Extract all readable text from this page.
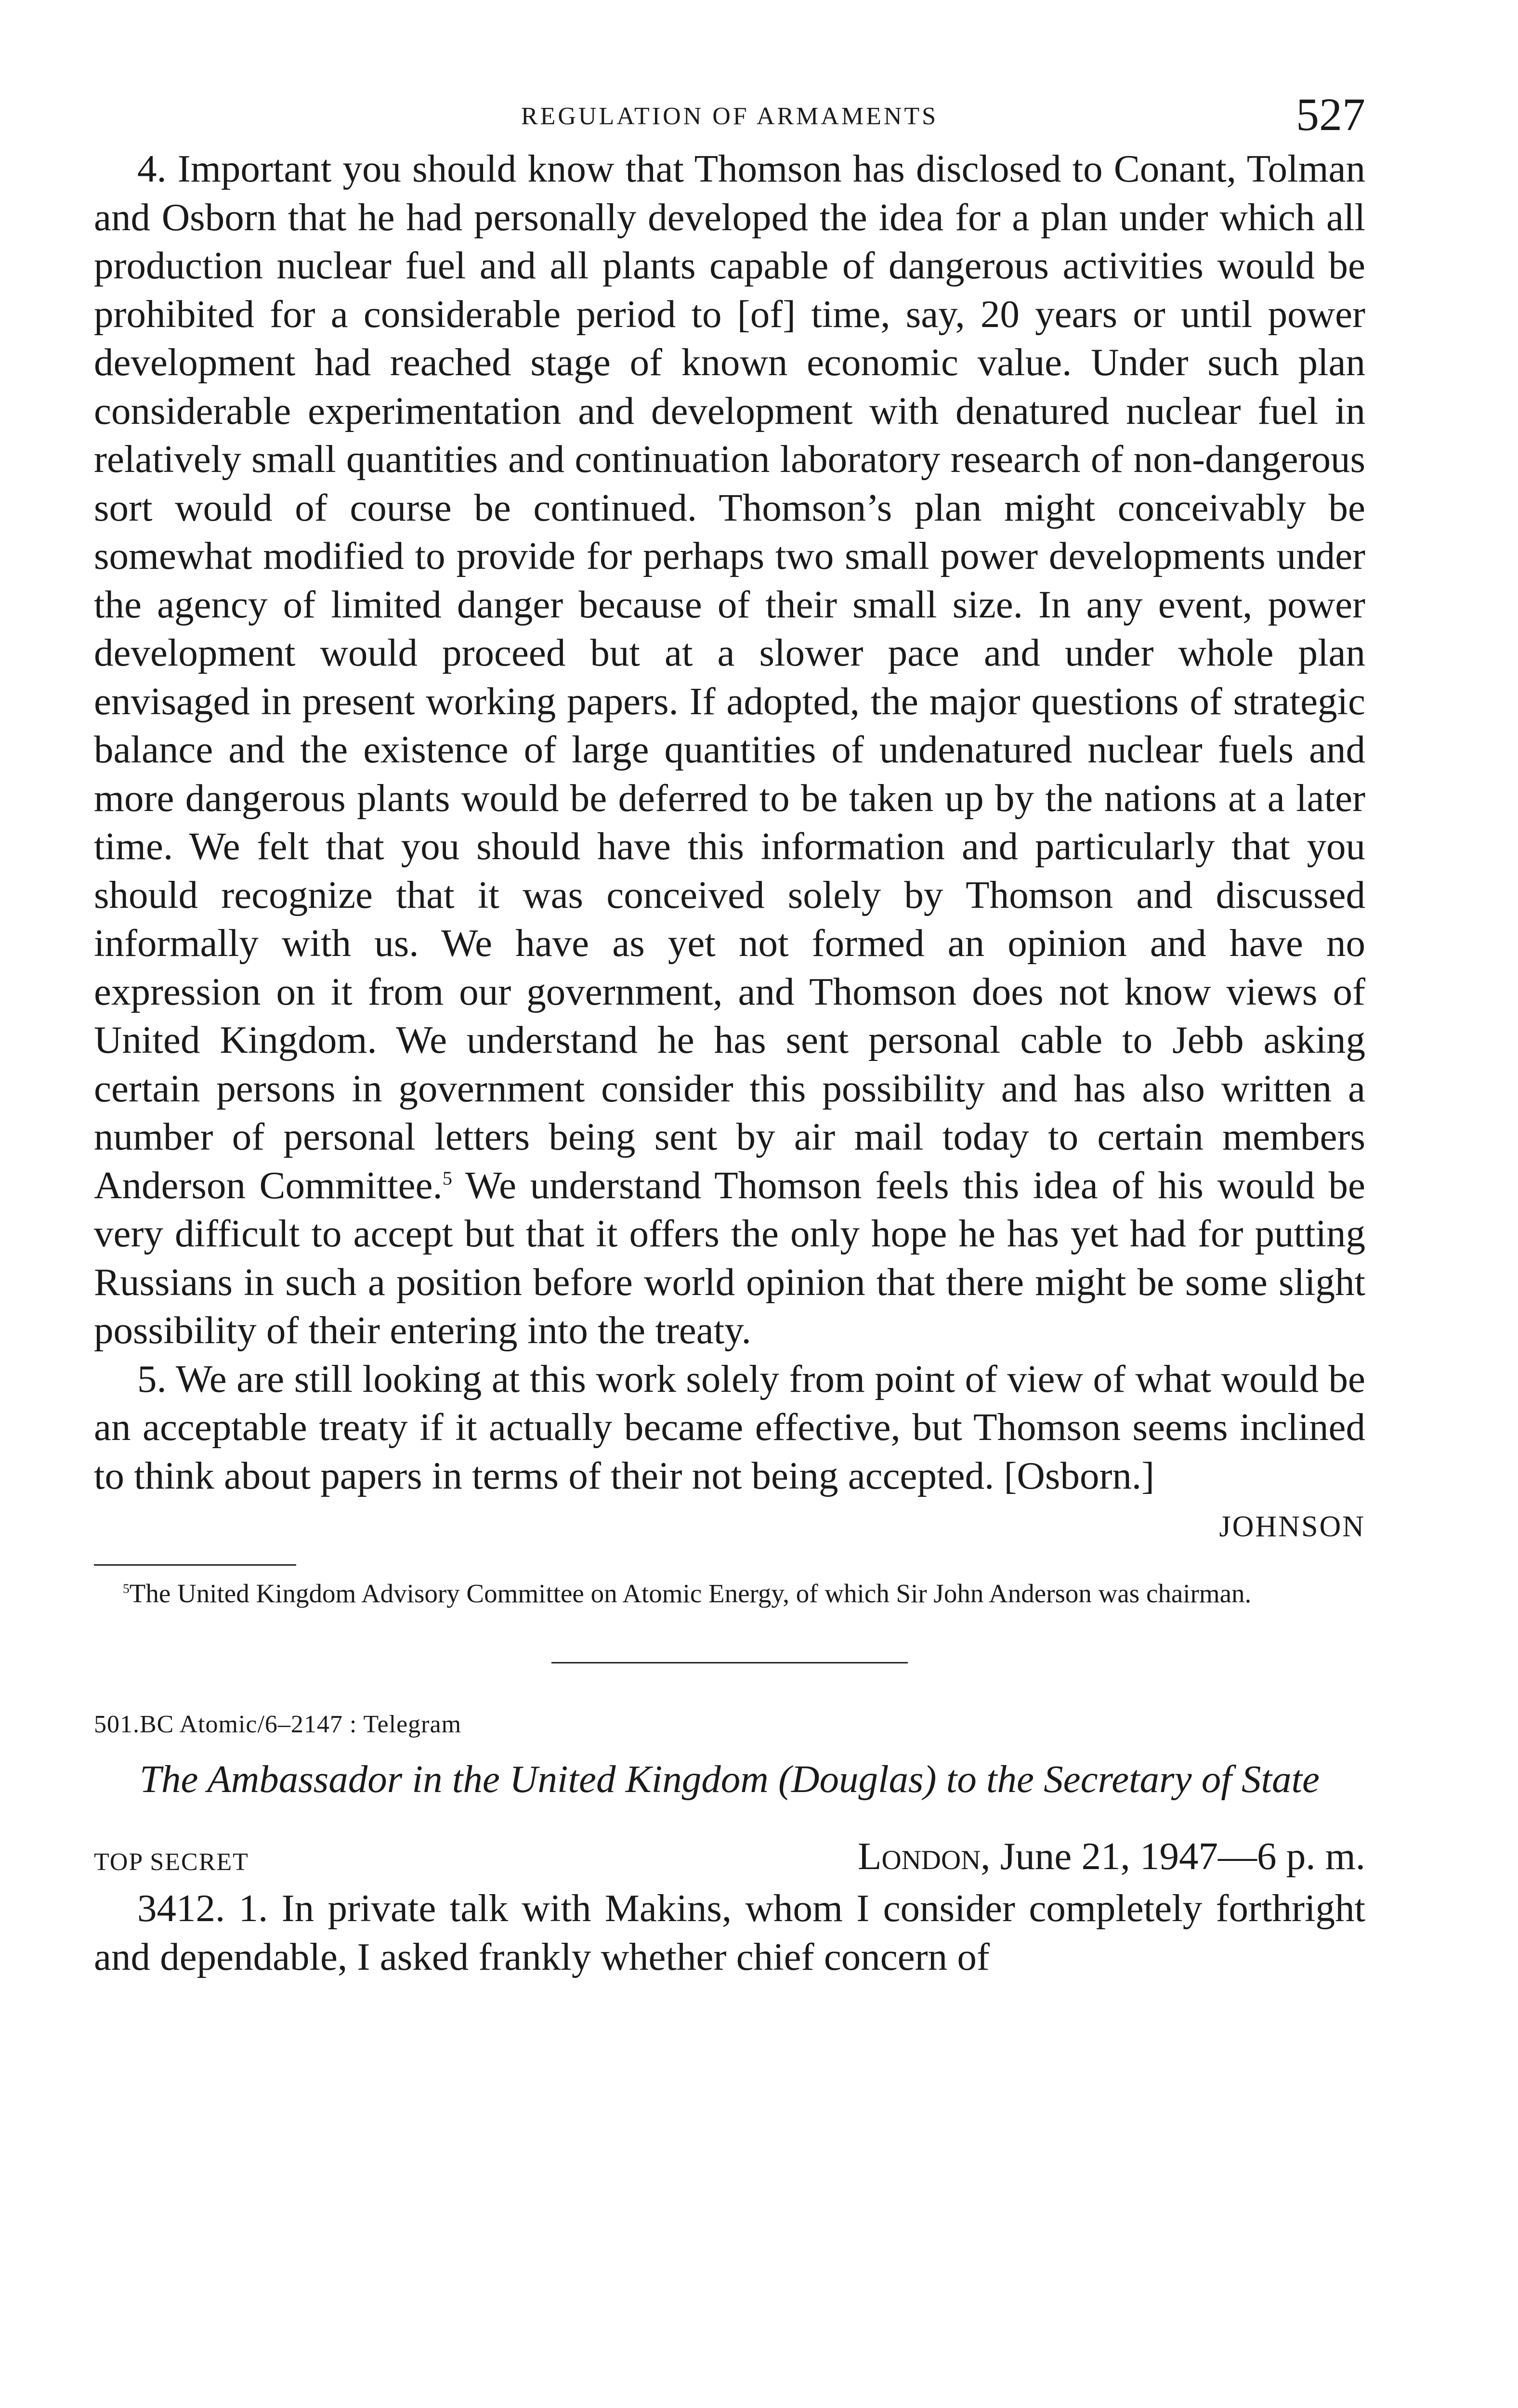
REGULATION OF ARMAMENTS	527

4. Important you should know that Thomson has disclosed to Conant, Tolman and Osborn that he had personally developed the idea for a plan under which all production nuclear fuel and all plants capable of dangerous activities would be prohibited for a considerable period to [of] time, say, 20 years or until power development had reached stage of known economic value. Under such plan considerable experimentation and development with denatured nuclear fuel in relatively small quantities and continuation laboratory research of non-dangerous sort would of course be continued. Thomson’s plan might conceivably be somewhat modified to provide for perhaps two small power developments under the agency of limited danger because of their small size. In any event, power development would proceed but at a slower pace and under whole plan envisaged in present working papers. If adopted, the major questions of strategic balance and the existence of large quantities of undenatured nuclear fuels and more dangerous plants would be deferred to be taken up by the nations at a later time. We felt that you should have this information and particularly that you should recognize that it was conceived solely by Thomson and discussed informally with us. We have as yet not formed an opinion and have no expression on it from our government, and Thomson does not know views of United Kingdom. We understand he has sent personal cable to Jebb asking certain persons in government consider this possibility and has also written a number of personal letters being sent by air mail today to certain members Anderson Committee.$^5$ We understand Thomson feels this idea of his would be very difficult to accept but that it offers the only hope he has yet had for putting Russians in such a position before world opinion that there might be some slight possibility of their entering into the treaty.

5. We are still looking at this work solely from point of view of what would be an acceptable treaty if it actually became effective, but Thomson seems inclined to think about papers in terms of their not being accepted. [Osborn.]

JOHNSON

$^5$The United Kingdom Advisory Committee on Atomic Energy, of which Sir John Anderson was chairman.

501.BC Atomic/6–2147 : Telegram
The Ambassador in the United Kingdom (Douglas) to the Secretary of State
TOP SECRET	London, June 21, 1947—6 p. m.

3412. 1. In private talk with Makins, whom I consider completely forthright and dependable, I asked frankly whether chief concern of
